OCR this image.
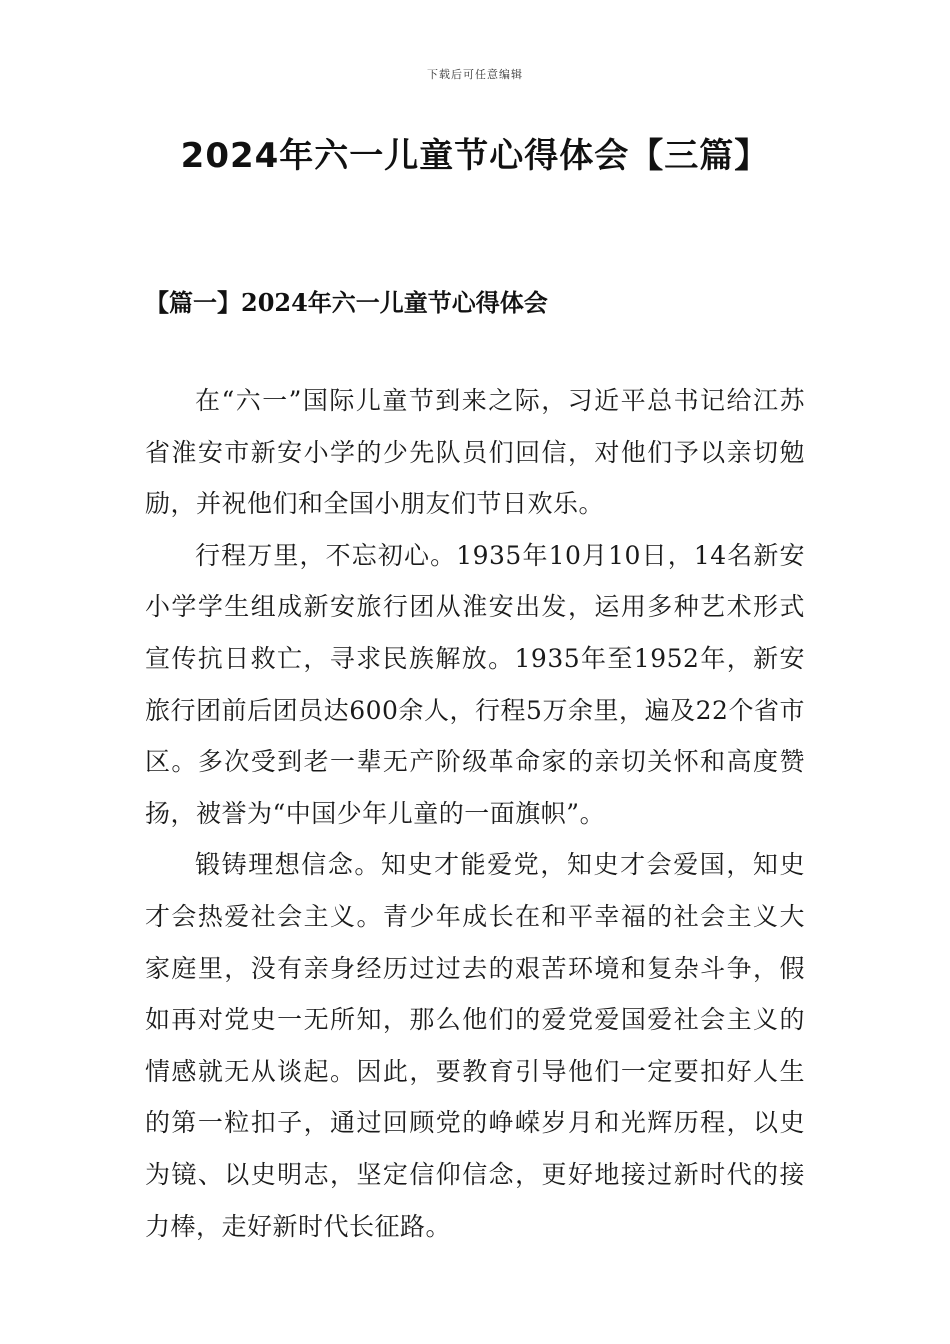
下载后可任意编辑
2024年六一儿童节心得体会【三篇】
【篇一】2024年六一儿童节心得体会

在“六一”国际儿童节到来之际，习近平总书记给江苏省淮安市新安小学的少先队员们回信，对他们予以亲切勉励，并祝他们和全国小朋友们节日欢乐。

行程万里，不忘初心。1935年10月10日，14名新安小学学生组成新安旅行团从淮安出发，运用多种艺术形式宣传抗日救亡，寻求民族解放。1935年至1952年，新安旅行团前后团员达600余人，行程5万余里，遍及22个省市区。多次受到老一辈无产阶级革命家的亲切关怀和高度赞扬，被誉为“中国少年儿童的一面旗帜”。

锻铸理想信念。知史才能爱党，知史才会爱国，知史才会热爱社会主义。青少年成长在和平幸福的社会主义大家庭里，没有亲身经历过过去的艰苦环境和复杂斗争，假如再对党史一无所知，那么他们的爱党爱国爱社会主义的情感就无从谈起。因此，要教育引导他们一定要扣好人生的第一粒扣子，通过回顾党的峥嵘岁月和光辉历程，以史为镜、以史明志，坚定信仰信念，更好地接过新时代的接力棒，走好新时代长征路。
